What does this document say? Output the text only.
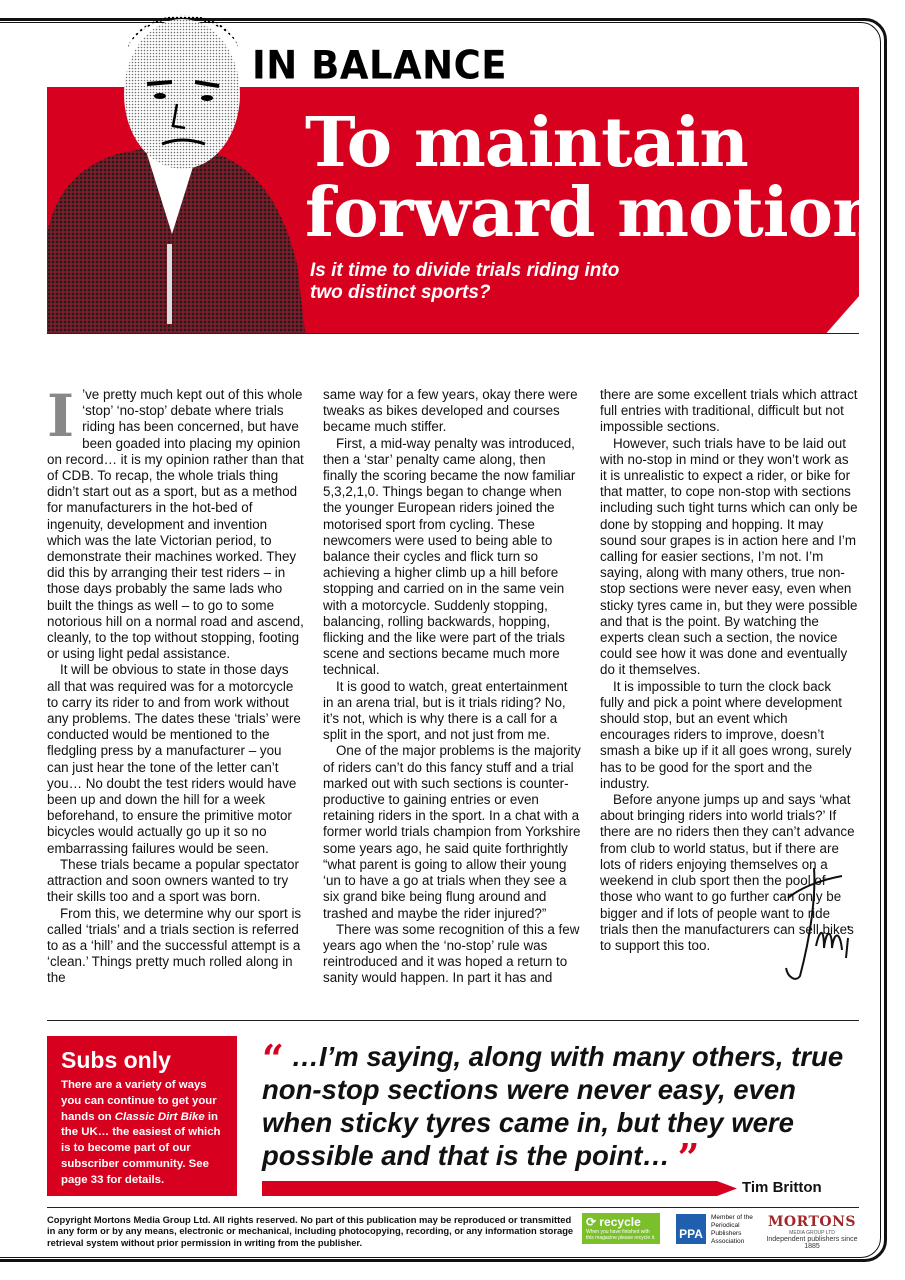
IN BALANCE
To maintain
forward motion

Is it time to divide trials riding into two distinct sports?

I ’ve pretty much kept out of this whole ‘stop’ ‘no-stop’ debate where trials riding has been concerned, but have been goaded into placing my opinion on record… it is my opinion rather than that of CDB. To recap, the whole trials thing didn’t start out as a sport, but as a method for manufacturers in the hot-bed of ingenuity, development and invention which was the late Victorian period, to demonstrate their machines worked. They did this by arranging their test riders – in those days probably the same lads who built the things as well – to go to some notorious hill on a normal road and ascend, cleanly, to the top without stopping, footing or using light pedal assistance.

It will be obvious to state in those days all that was required was for a motorcycle to carry its rider to and from work without any problems. The dates these ‘trials’ were conducted would be mentioned to the fledgling press by a manufacturer – you can just hear the tone of the letter can’t you… No doubt the test riders would have been up and down the hill for a week beforehand, to ensure the primitive motor bicycles would actually go up it so no embarrassing failures would be seen.

These trials became a popular spectator attraction and soon owners wanted to try their skills too and a sport was born.

From this, we determine why our sport is called ‘trials’ and a trials section is referred to as a ‘hill’ and the successful attempt is a ‘clean.’ Things pretty much rolled along in the

same way for a few years, okay there were tweaks as bikes developed and courses became much stiffer.

First, a mid-way penalty was introduced, then a ‘star’ penalty came along, then finally the scoring became the now familiar 5,3,2,1,0. Things began to change when the younger European riders joined the motorised sport from cycling. These newcomers were used to being able to balance their cycles and flick turn so achieving a higher climb up a hill before stopping and carried on in the same vein with a motorcycle. Suddenly stopping, balancing, rolling backwards, hopping, flicking and the like were part of the trials scene and sections became much more technical.

It is good to watch, great entertainment in an arena trial, but is it trials riding? No, it’s not, which is why there is a call for a split in the sport, and not just from me.

One of the major problems is the majority of riders can’t do this fancy stuff and a trial marked out with such sections is counter-productive to gaining entries or even retaining riders in the sport. In a chat with a former world trials champion from Yorkshire some years ago, he said quite forthrightly “what parent is going to allow their young ‘un to have a go at trials when they see a six grand bike being flung around and trashed and maybe the rider injured?”

There was some recognition of this a few years ago when the ‘no-stop’ rule was reintroduced and it was hoped a return to sanity would happen. In part it has and

there are some excellent trials which attract full entries with traditional, difficult but not impossible sections.

However, such trials have to be laid out with no-stop in mind or they won’t work as it is unrealistic to expect a rider, or bike for that matter, to cope non-stop with sections including such tight turns which can only be done by stopping and hopping. It may sound sour grapes is in action here and I’m calling for easier sections, I’m not. I’m saying, along with many others, true non-stop sections were never easy, even when sticky tyres came in, but they were possible and that is the point. By watching the experts clean such a section, the novice could see how it was done and eventually do it themselves.

It is impossible to turn the clock back fully and pick a point where development should stop, but an event which encourages riders to improve, doesn’t smash a bike up if it all goes wrong, surely has to be good for the sport and the industry.

Before anyone jumps up and says ‘what about bringing riders into world trials?’ If there are no riders then they can’t advance from club to world status, but if there are lots of riders enjoying themselves on a weekend in club sport then the pool of those who want to go further can only be bigger and if lots of people want to ride trials then the manufacturers can sell bikes to support this too.

Subs only

There are a variety of ways you can continue to get your hands on Classic Dirt Bike in the UK… the easiest of which is to become part of our subscriber community. See page 33 for details.

“ …I’m saying, along with many others, true non-stop sections were never easy, even when sticky tyres came in, but they were possible and that is the point… ”

Tim Britton

Copyright Mortons Media Group Ltd. All rights reserved. No part of this publication may be reproduced or transmitted in any form or by any means, electronic or mechanical, including photocopying, recording, or any information storage retrieval system without prior permission in writing from the publisher.

⟳ recycle
When you have finished with this magazine please recycle it. PPA
Member of the Periodical Publishers Association
MORTONS
MEDIA GROUP LTD
Independent publishers since 1885
